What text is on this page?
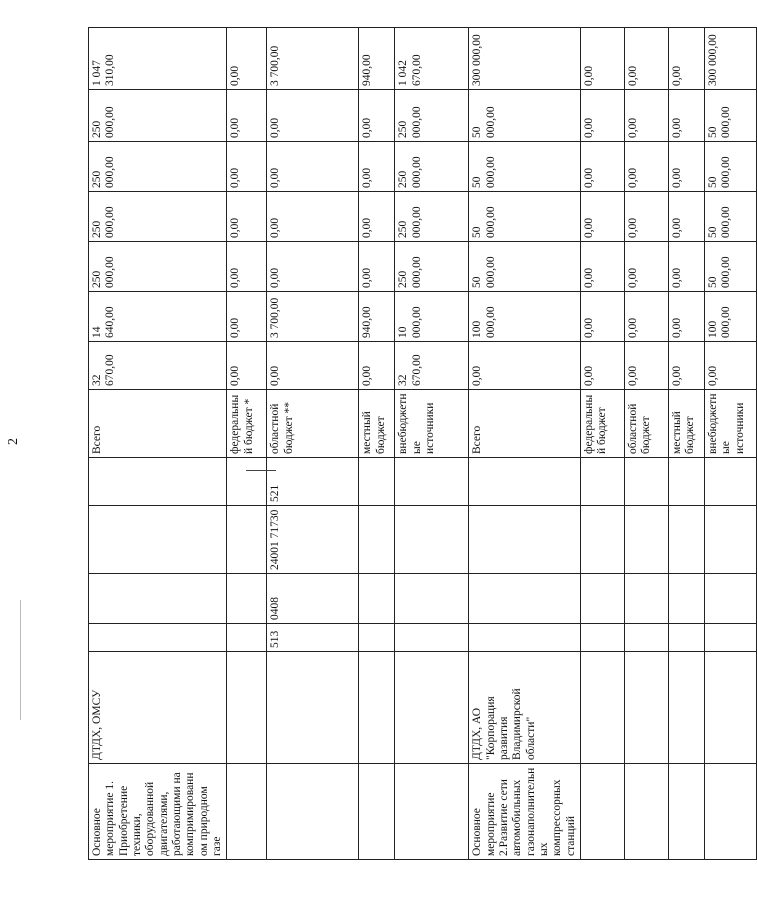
2
Основное мероприятие 1. Приобретение техники, оборудованной двигателями, работающими на компримированном природном газе	ДТДХ, ОМСУ					Всего	32 670,00	14 640,00	250 000,00	250 000,00	250 000,00	250 000,00	1 047 310,00
						федеральный бюджет *	0,00	0,00	0,00	0,00	0,00	0,00	0,00
		513	0408	24001 71730	521	областной бюджет **	0,00	3 700,00	0,00	0,00	0,00	0,00	3 700,00
						местный бюджет	0,00	940,00	0,00	0,00	0,00	0,00	940,00
						внебюджетные источники	32 670,00	10 000,00	250 000,00	250 000,00	250 000,00	250 000,00	1 042 670,00
Основное мероприятие 2.Развитие сети автомобильных газонаполнительных компрессорных станций	ДТДХ, АО "Корпорация развития Владимирской области"					Всего	0,00	100 000,00	50 000,00	50 000,00	50 000,00	50 000,00	300 000,00
						федеральный бюджет	0,00	0,00	0,00	0,00	0,00	0,00	0,00
						областной бюджет	0,00	0,00	0,00	0,00	0,00	0,00	0,00
						местный бюджет	0,00	0,00	0,00	0,00	0,00	0,00	0,00
						внебюджетные источники	0,00	100 000,00	50 000,00	50 000,00	50 000,00	50 000,00	300 000,00
